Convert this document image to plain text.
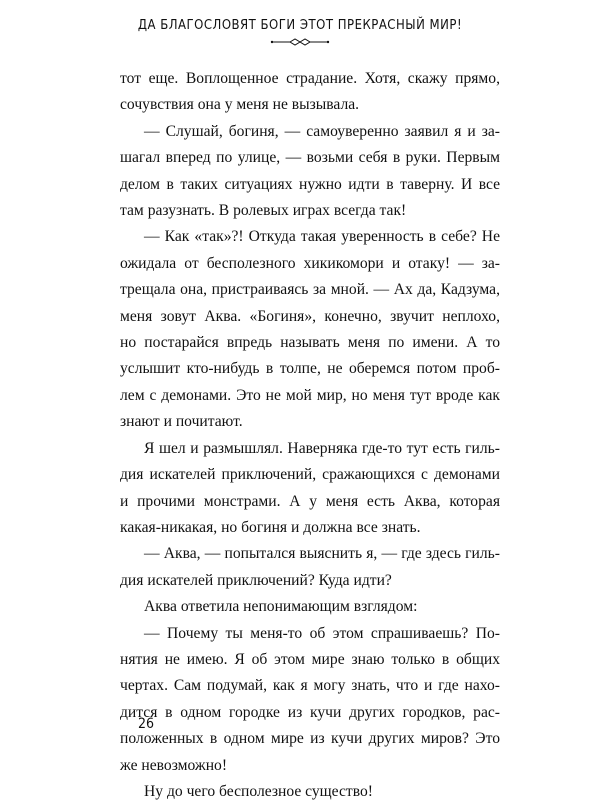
ДА БЛАГОСЛОВЯТ БОГИ ЭТОТ ПРЕКРАСНЫЙ МИР!
тот еще. Воплощенное страдание. Хотя, скажу прямо,
сочувствия она у меня не вызывала.
— Слушай, богиня, — самоуверенно заявил я и за-
шагал вперед по улице, — возьми себя в руки. Первым
делом в таких ситуациях нужно идти в таверну. И все
там разузнать. В ролевых играх всегда так!
— Как «так»?! Откуда такая уверенность в себе? Не
ожидала от бесполезного хикикомори и отаку! — за-
трещала она, пристраиваясь за мной. — Ах да, Кадзума,
меня зовут Аква. «Богиня», конечно, звучит неплохо,
но постарайся впредь называть меня по имени. А то
услышит кто-нибудь в толпе, не оберемся потом проб-
лем с демонами. Это не мой мир, но меня тут вроде как
знают и почитают.
Я шел и размышлял. Наверняка где-то тут есть гиль-
дия искателей приключений, сражающихся с демонами
и прочими монстрами. А у меня есть Аква, которая
какая-никакая, но богиня и должна все знать.
— Аква, — попытался выяснить я, — где здесь гиль-
дия искателей приключений? Куда идти?
Аква ответила непонимающим взглядом:
— Почему ты меня-то об этом спрашиваешь? По-
нятия не имею. Я об этом мире знаю только в общих
чертах. Сам подумай, как я могу знать, что и где нахо-
дится в одном городке из кучи других городков, рас-
положенных в одном мире из кучи других миров? Это
же невозможно!
Ну до чего бесполезное существо!
26
